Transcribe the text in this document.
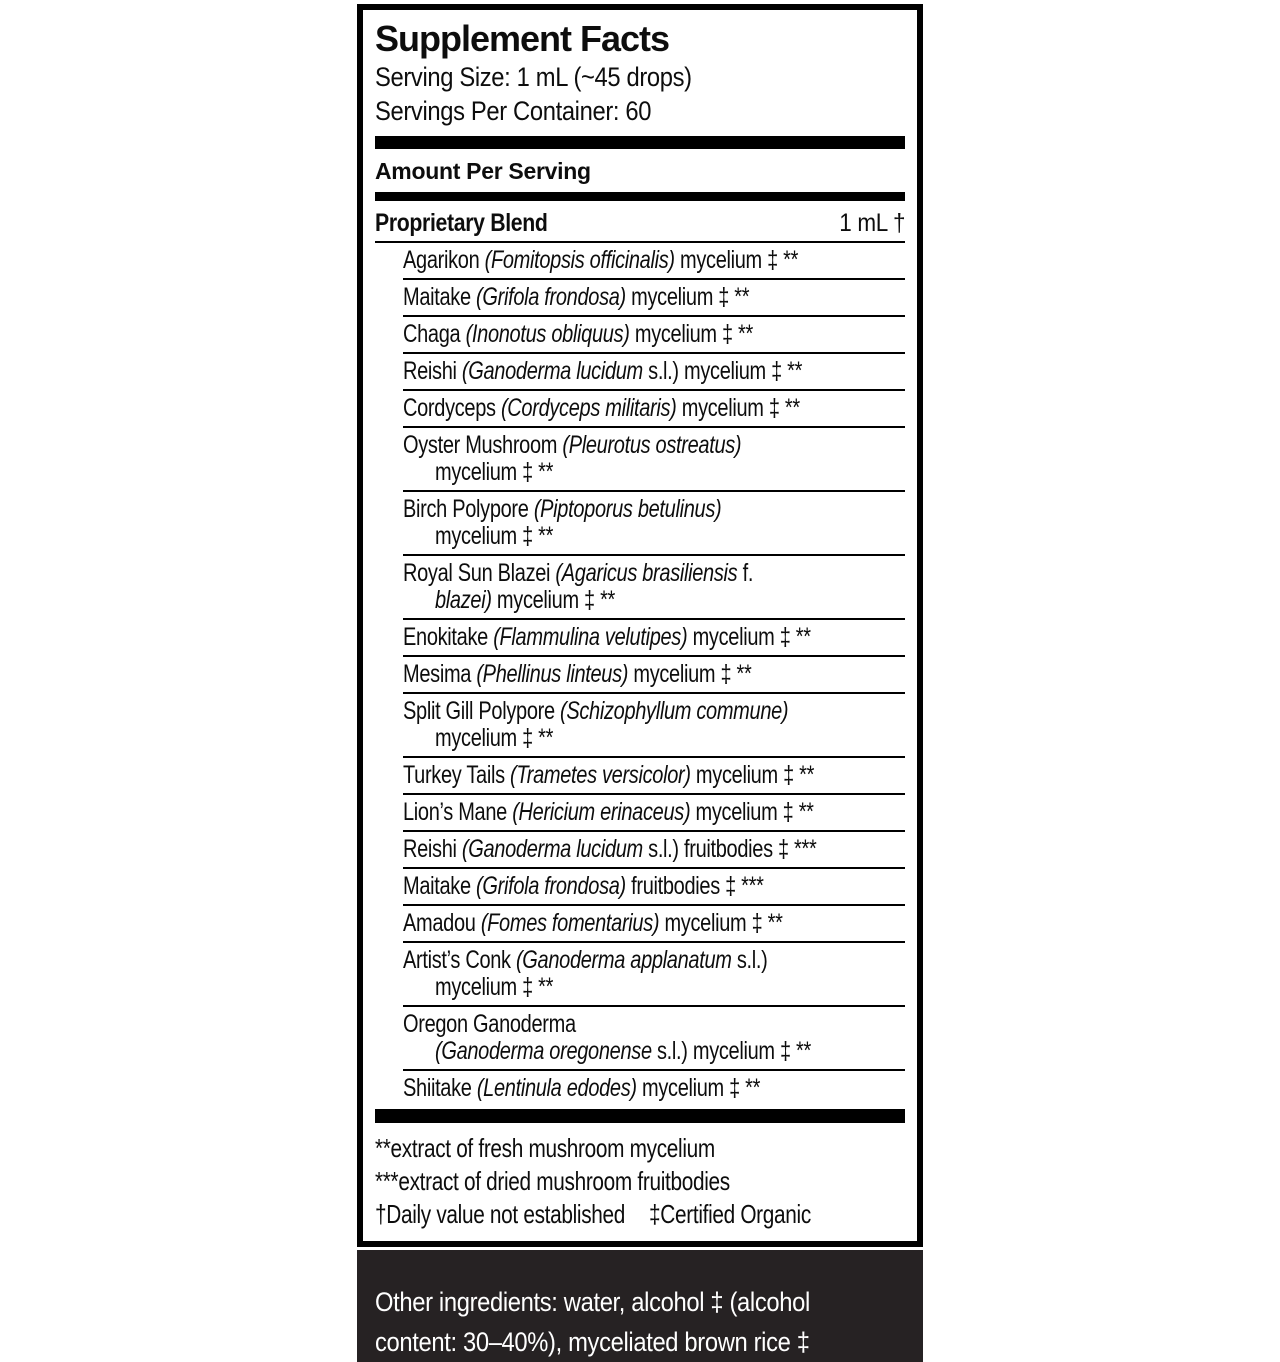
Supplement Facts
Serving Size: 1 mL (~45 drops)
Servings Per Container: 60
Amount Per Serving
Proprietary Blend	1 mL †
Agarikon (Fomitopsis officinalis) mycelium ‡ **
Maitake (Grifola frondosa) mycelium ‡ **
Chaga (Inonotus obliquus) mycelium ‡ **
Reishi (Ganoderma lucidum s.l.) mycelium ‡ **
Cordyceps (Cordyceps militaris) mycelium ‡ **
Oyster Mushroom (Pleurotus ostreatus)
mycelium ‡ **
Birch Polypore (Piptoporus betulinus)
mycelium ‡ **
Royal Sun Blazei (Agaricus brasiliensis f.
blazei) mycelium ‡ **
Enokitake (Flammulina velutipes) mycelium ‡ **
Mesima (Phellinus linteus) mycelium ‡ **
Split Gill Polypore (Schizophyllum commune)
mycelium ‡ **
Turkey Tails (Trametes versicolor) mycelium ‡ **
Lion’s Mane (Hericium erinaceus) mycelium ‡ **
Reishi (Ganoderma lucidum s.l.) fruitbodies ‡ ***
Maitake (Grifola frondosa) fruitbodies ‡ ***
Amadou (Fomes fomentarius) mycelium ‡ **
Artist’s Conk (Ganoderma applanatum s.l.)
mycelium ‡ **
Oregon Ganoderma
(Ganoderma oregonense s.l.) mycelium ‡ **
Shiitake (Lentinula edodes) mycelium ‡ **
**extract of fresh mushroom mycelium
***extract of dried mushroom fruitbodies
†Daily value not established ‡Certified Organic
Other ingredients: water, alcohol ‡ (alcohol
content: 30–40%), myceliated brown rice ‡
